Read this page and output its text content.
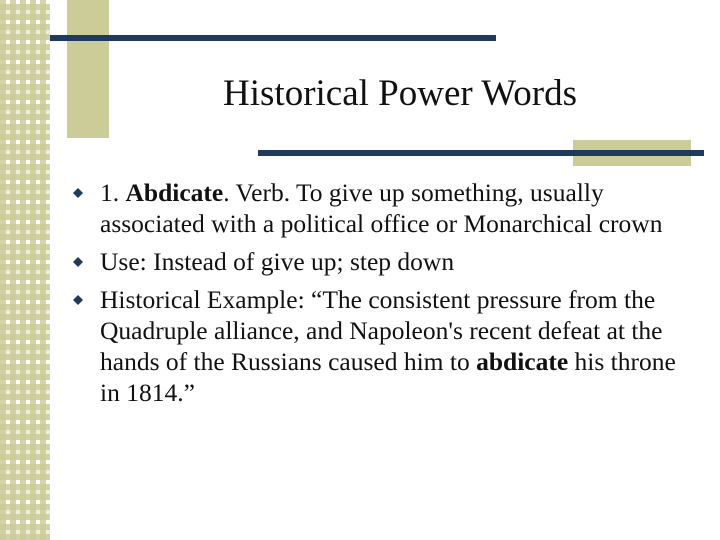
Historical Power Words
1. Abdicate. Verb. To give up something, usually associated with a political office or Monarchical crown
Use: Instead of give up; step down
Historical Example: “The consistent pressure from the Quadruple alliance, and Napoleon's recent defeat at the hands of the Russians caused him to abdicate his throne in 1814.”
